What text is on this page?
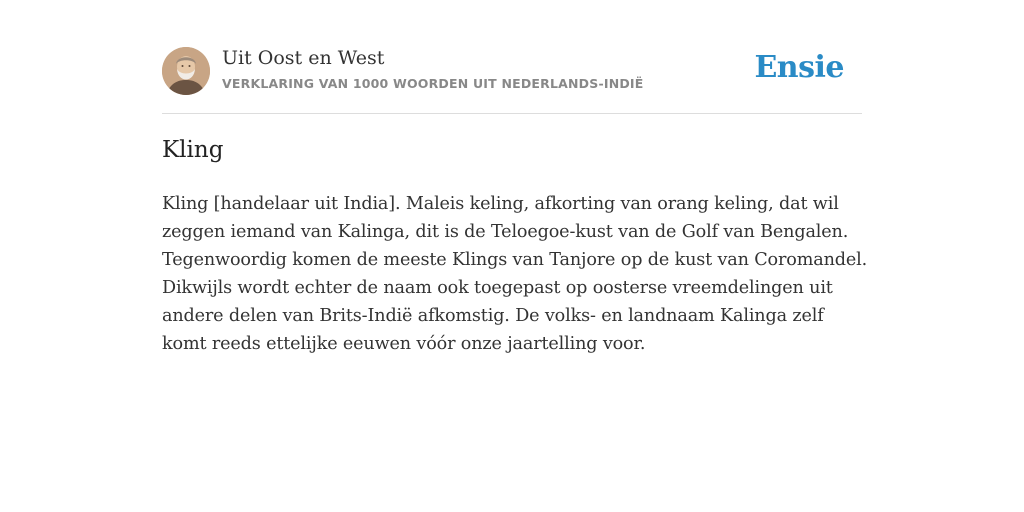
Uit Oost en West
VERKLARING VAN 1000 WOORDEN UIT NEDERLANDS-INDIË	Ensie
Kling

Kling [handelaar uit India]. Maleis keling, afkorting van orang keling, dat wil zeggen iemand van Kalinga, dit is de Teloegoe-kust van de Golf van Bengalen. Tegenwoordig komen de meeste Klings van Tanjore op de kust van Coromandel. Dikwijls wordt echter de naam ook toegepast op oosterse vreemdelingen uit andere delen van Brits-Indië afkomstig. De volks- en landnaam Kalinga zelf komt reeds ettelijke eeuwen vóór onze jaartelling voor.
